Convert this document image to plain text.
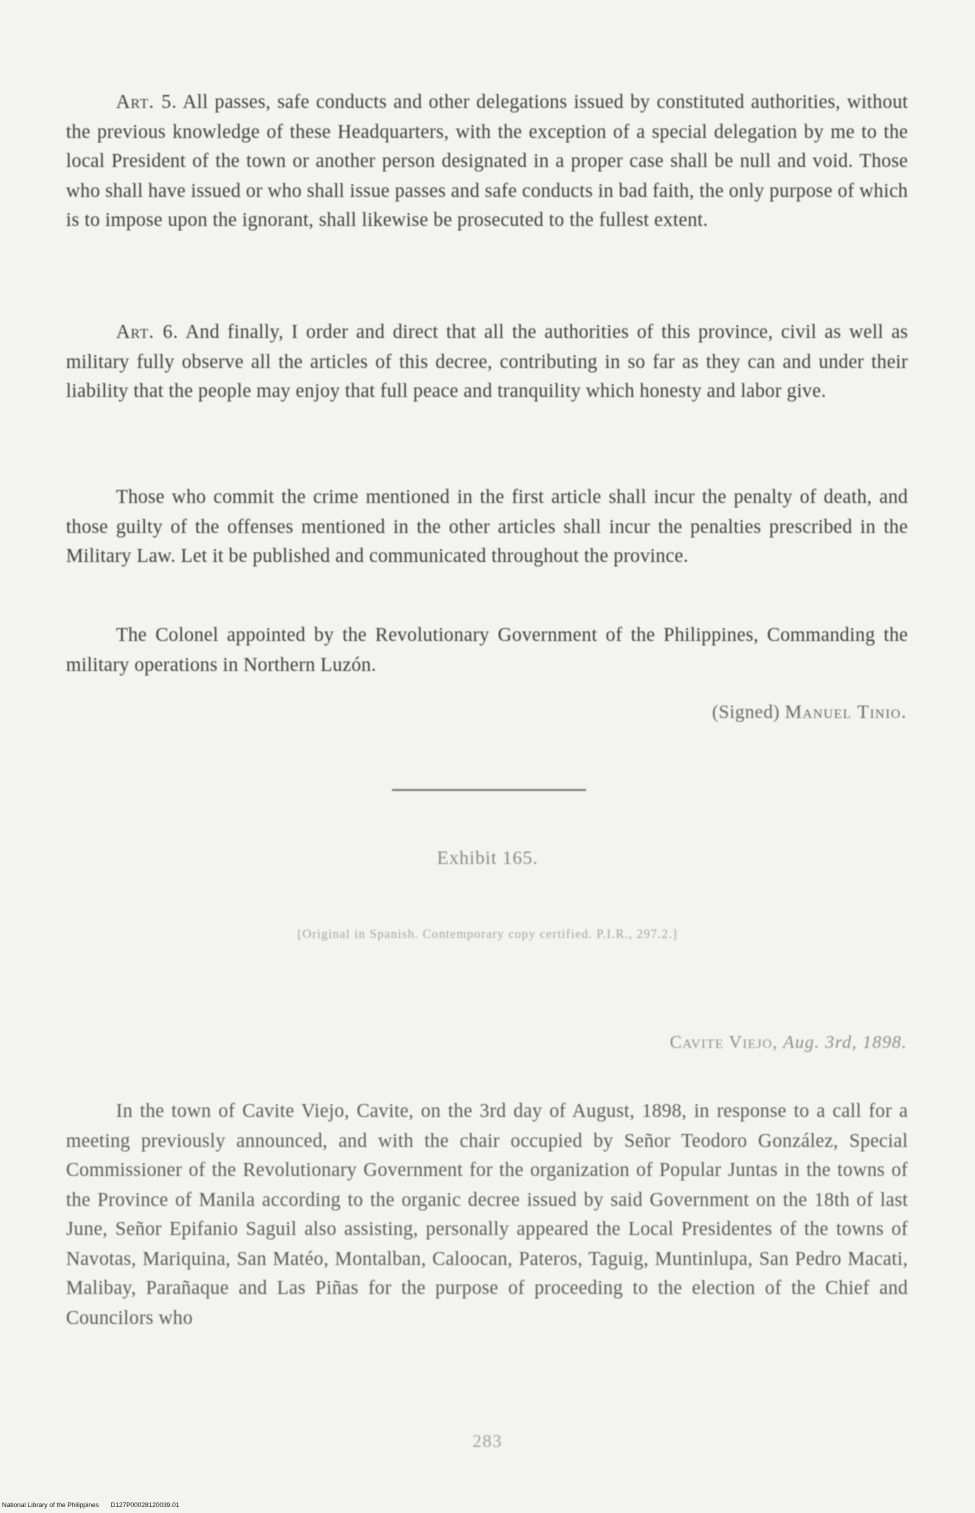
Art. 5. All passes, safe conducts and other delegations issued by constituted authorities, without the previous knowledge of these Headquarters, with the exception of a special delegation by me to the local President of the town or another person designated in a proper case shall be null and void. Those who shall have issued or who shall issue passes and safe conducts in bad faith, the only purpose of which is to impose upon the ignorant, shall likewise be prosecuted to the fullest extent.

Art. 6. And finally, I order and direct that all the authorities of this province, civil as well as military fully observe all the articles of this decree, contributing in so far as they can and under their liability that the people may enjoy that full peace and tranquility which honesty and labor give.

Those who commit the crime mentioned in the first article shall incur the penalty of death, and those guilty of the offenses mentioned in the other articles shall incur the penalties prescribed in the Military Law. Let it be published and communicated throughout the province.

The Colonel appointed by the Revolutionary Government of the Philippines, Commanding the military operations in Northern Luzón.

(Signed) Manuel Tinio.
Exhibit 165.
[Original in Spanish. Contemporary copy certified. P.I.R., 297.2.]
Cavite Viejo, Aug. 3rd, 1898.

In the town of Cavite Viejo, Cavite, on the 3rd day of August, 1898, in response to a call for a meeting previously announced, and with the chair occupied by Señor Teodoro González, Special Commissioner of the Revolutionary Government for the organization of Popular Juntas in the towns of the Province of Manila according to the organic decree issued by said Government on the 18th of last June, Señor Epifanio Saguil also assisting, personally appeared the Local Presidentes of the towns of Navotas, Mariquina, San Matéo, Montalban, Caloocan, Pateros, Taguig, Muntinlupa, San Pedro Macati, Malibay, Parañaque and Las Piñas for the purpose of proceeding to the election of the Chief and Councilors who

283
National Library of the Philippines D127P00028120039.01
